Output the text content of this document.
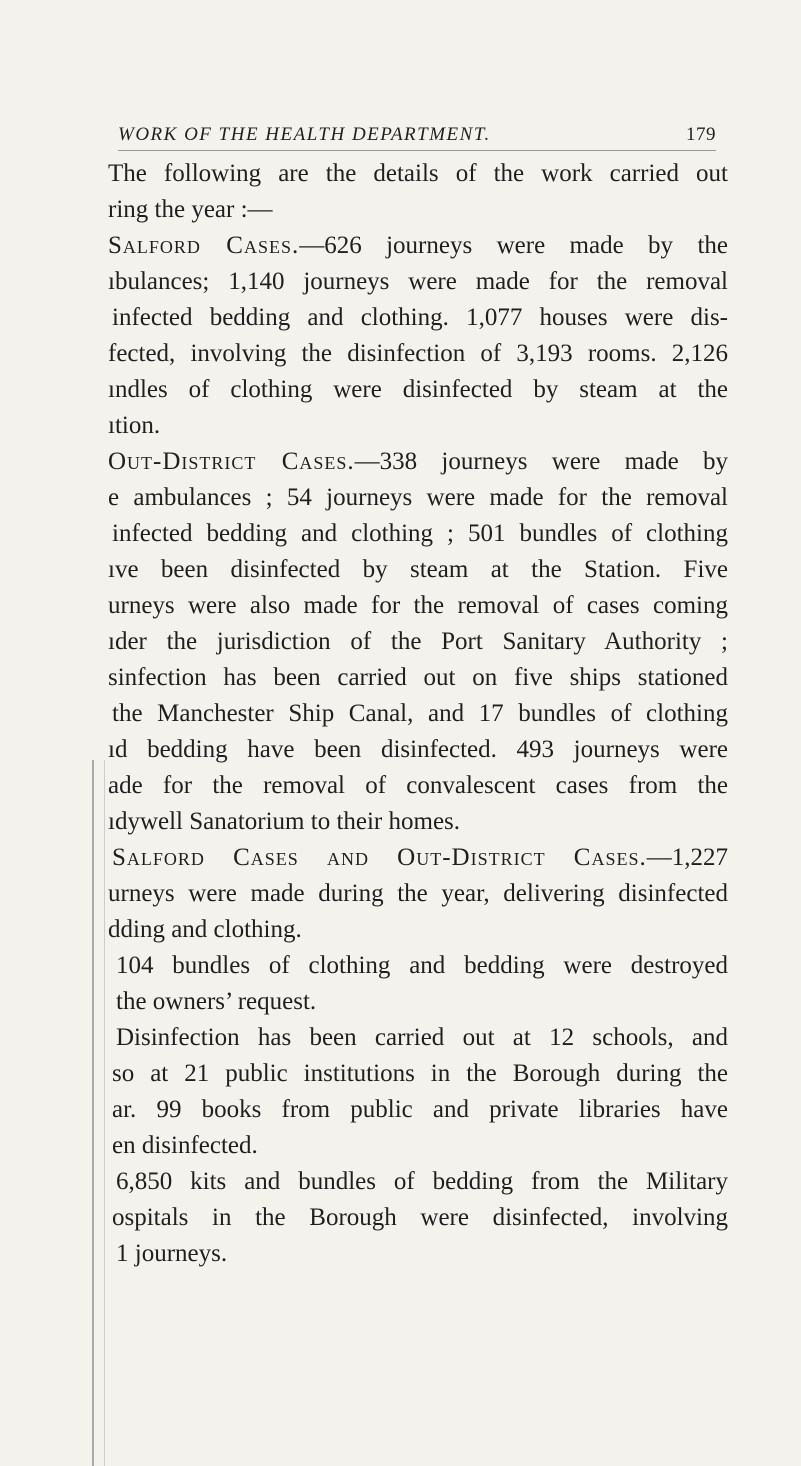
WORK OF THE HEALTH DEPARTMENT.	179
The following are the details of the work carried out
ring the year :—
Salford Cases.—626 journeys were made by the
ıbulances; 1,140 journeys were made for the removal
infected bedding and clothing. 1,077 houses were dis-
fected, involving the disinfection of 3,193 rooms. 2,126
ındles of clothing were disinfected by steam at the
ıtion.
Out-District Cases.—338 journeys were made by
e ambulances ; 54 journeys were made for the removal
infected bedding and clothing ; 501 bundles of clothing
ıve been disinfected by steam at the Station. Five
urneys were also made for the removal of cases coming
ıder the jurisdiction of the Port Sanitary Authority ;
sinfection has been carried out on five ships stationed
the Manchester Ship Canal, and 17 bundles of clothing
ıd bedding have been disinfected. 493 journeys were
ade for the removal of convalescent cases from the
ıdywell Sanatorium to their homes.
Salford Cases and Out-District Cases.—1,227
urneys were made during the year, delivering disinfected
dding and clothing.
104 bundles of clothing and bedding were destroyed
the owners’ request.
Disinfection has been carried out at 12 schools, and
so at 21 public institutions in the Borough during the
ar. 99 books from public and private libraries have
en disinfected.
6,850 kits and bundles of bedding from the Military
ospitals in the Borough were disinfected, involving
1 journeys.
